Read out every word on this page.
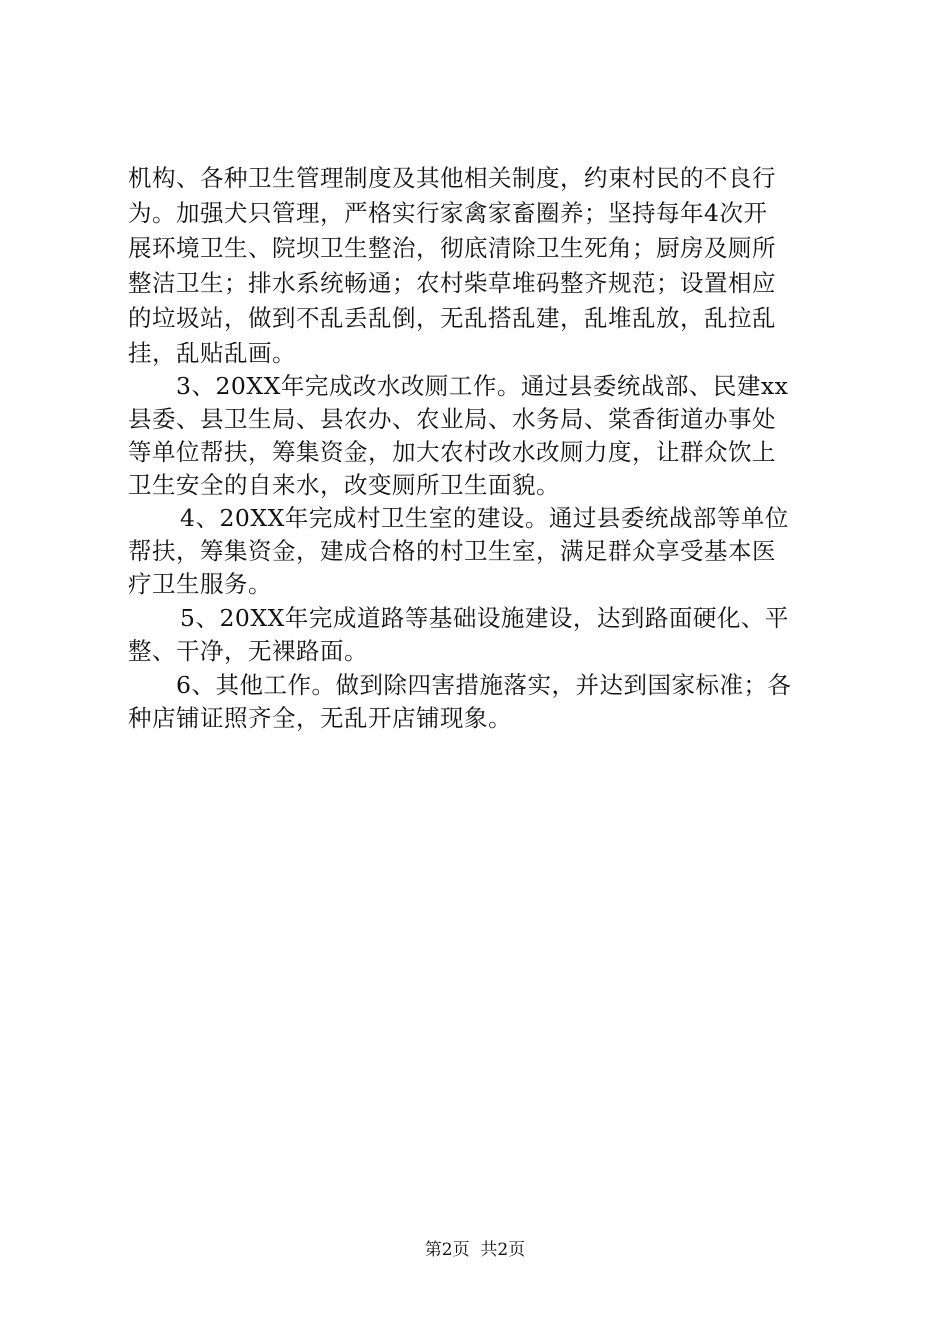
机构、各种卫生管理制度及其他相关制度，约束村民的不良行
为。加强犬只管理，严格实行家禽家畜圈养；坚持每年4次开
展环境卫生、院坝卫生整治，彻底清除卫生死角；厨房及厕所
整洁卫生；排水系统畅通；农村柴草堆码整齐规范；设置相应
的垃圾站，做到不乱丢乱倒，无乱搭乱建，乱堆乱放，乱拉乱
挂，乱贴乱画。
3、20XX年完成改水改厕工作。通过县委统战部、民建xx
县委、县卫生局、县农办、农业局、水务局、棠香街道办事处
等单位帮扶，筹集资金，加大农村改水改厕力度，让群众饮上
卫生安全的自来水，改变厕所卫生面貌。
4、20XX年完成村卫生室的建设。通过县委统战部等单位
帮扶，筹集资金，建成合格的村卫生室，满足群众享受基本医
疗卫生服务。
5、20XX年完成道路等基础设施建设，达到路面硬化、平
整、干净，无裸路面。
6、其他工作。做到除四害措施落实，并达到国家标准；各
种店铺证照齐全，无乱开店铺现象。
第2页  共2页
